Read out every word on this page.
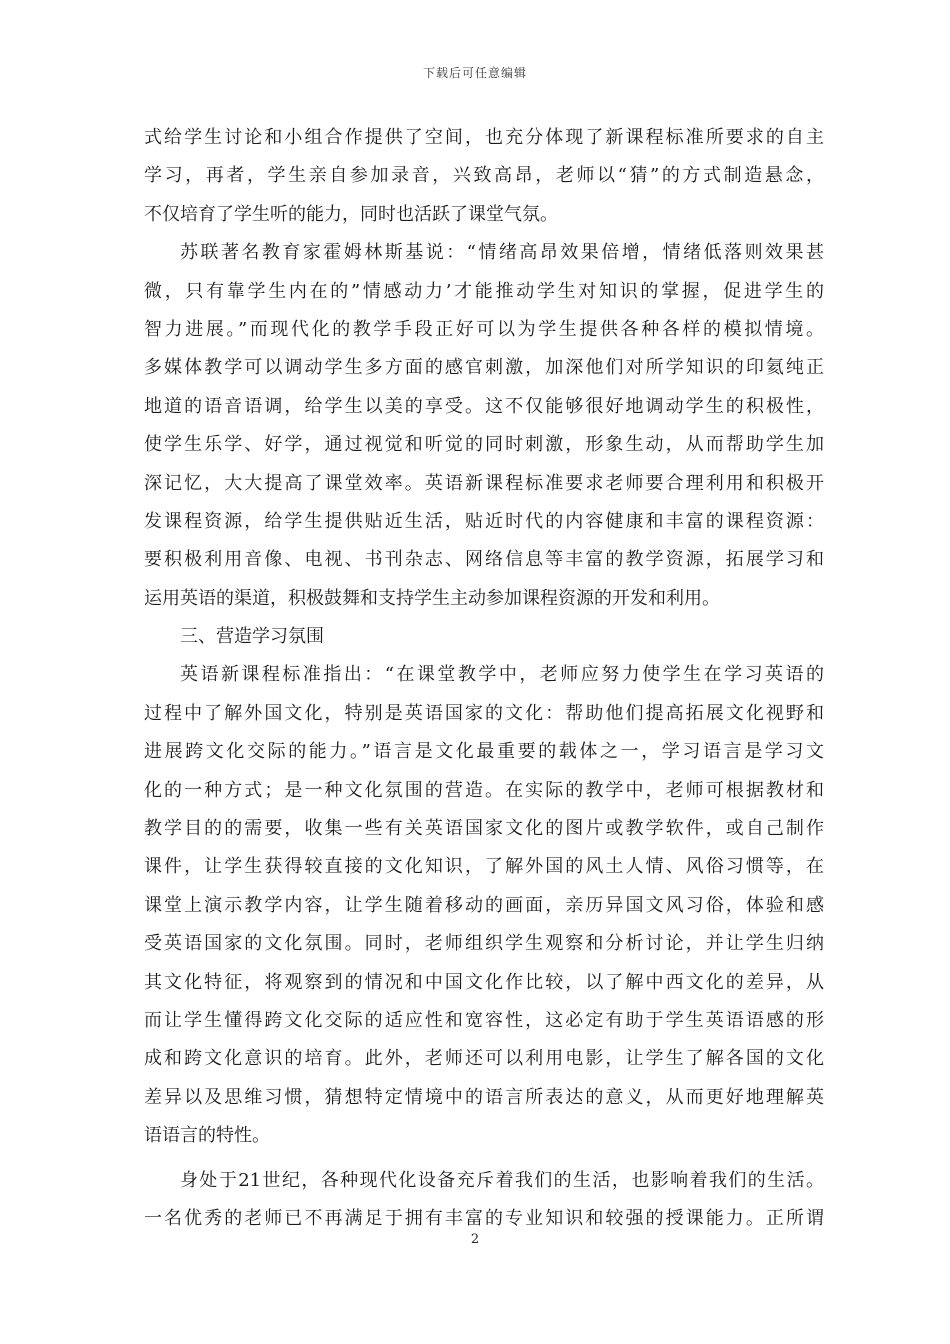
下载后可任意编辑
式给学生讨论和小组合作提供了空间，也充分体现了新课程标准所要求的自主
学习，再者，学生亲自参加录音，兴致高昂，老师以“猜”的方式制造悬念，
不仅培育了学生听的能力，同时也活跃了课堂气氛。
苏联著名教育家霍姆林斯基说：“情绪高昂效果倍增，情绪低落则效果甚
微，只有靠学生内在的”情感动力’才能推动学生对知识的掌握，促进学生的
智力进展。”而现代化的教学手段正好可以为学生提供各种各样的模拟情境。
多媒体教学可以调动学生多方面的感官刺激，加深他们对所学知识的印氦纯正
地道的语音语调，给学生以美的享受。这不仅能够很好地调动学生的积极性，
使学生乐学、好学，通过视觉和听觉的同时刺激，形象生动，从而帮助学生加
深记忆，大大提高了课堂效率。英语新课程标准要求老师要合理利用和积极开
发课程资源，给学生提供贴近生活，贴近时代的内容健康和丰富的课程资源：
要积极利用音像、电视、书刊杂志、网络信息等丰富的教学资源，拓展学习和
运用英语的渠道，积极鼓舞和支持学生主动参加课程资源的开发和利用。
三、营造学习氛围
英语新课程标准指出：“在课堂教学中，老师应努力使学生在学习英语的
过程中了解外国文化，特别是英语国家的文化：帮助他们提高拓展文化视野和
进展跨文化交际的能力。”语言是文化最重要的载体之一，学习语言是学习文
化的一种方式；是一种文化氛围的营造。在实际的教学中，老师可根据教材和
教学目的的需要，收集一些有关英语国家文化的图片或教学软件，或自己制作
课件，让学生获得较直接的文化知识，了解外国的风土人情、风俗习惯等，在
课堂上演示教学内容，让学生随着移动的画面，亲历异国文风习俗，体验和感
受英语国家的文化氛围。同时，老师组织学生观察和分析讨论，并让学生归纳
其文化特征，将观察到的情况和中国文化作比较，以了解中西文化的差异，从
而让学生懂得跨文化交际的适应性和宽容性，这必定有助于学生英语语感的形
成和跨文化意识的培育。此外，老师还可以利用电影，让学生了解各国的文化
差异以及思维习惯，猜想特定情境中的语言所表达的意义，从而更好地理解英
语语言的特性。
身处于21世纪，各种现代化设备充斥着我们的生活，也影响着我们的生活。
一名优秀的老师已不再满足于拥有丰富的专业知识和较强的授课能力。正所谓
2
